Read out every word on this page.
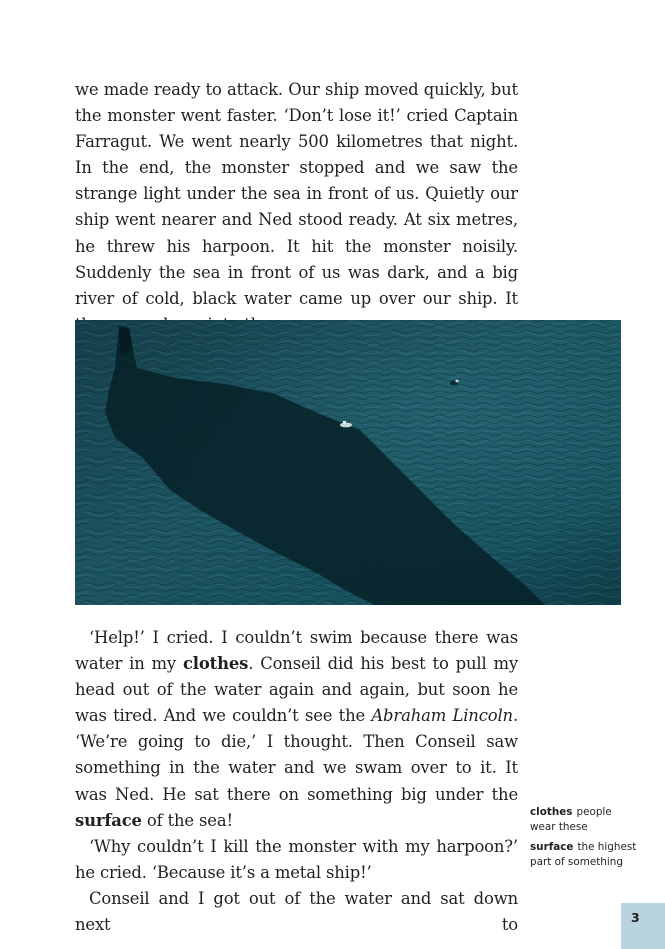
we made ready to attack. Our ship moved quickly, but the monster went faster. ‘Don’t lose it!’ cried Captain Farragut. We went nearly 500 kilometres that night. In the end, the monster stopped and we saw the strange light under the sea in front of us. Quietly our ship went nearer and Ned stood ready. At six metres, he threw his harpoon. It hit the monster noisily. Suddenly the sea in front of us was dark, and a big river of cold, black water came up over our ship. It

‘Help!’ I cried. I couldn’t swim because there was water in my clothes. Conseil did his best to pull my head out of the water again and again, but soon he was tired. And we couldn’t see the Abraham Lincoln. ‘We’re going to die,’ I thought. Then Conseil saw something in the water and we swam over to it. It was Ned. He sat there on something big under the surface of the sea!

‘Why couldn’t I kill the monster with my harpoon?’ he cried. ‘Because it’s a metal ship!’

Conseil and I got out of the water and sat down next to

clothes people wear these
surface the highest part of something
3
